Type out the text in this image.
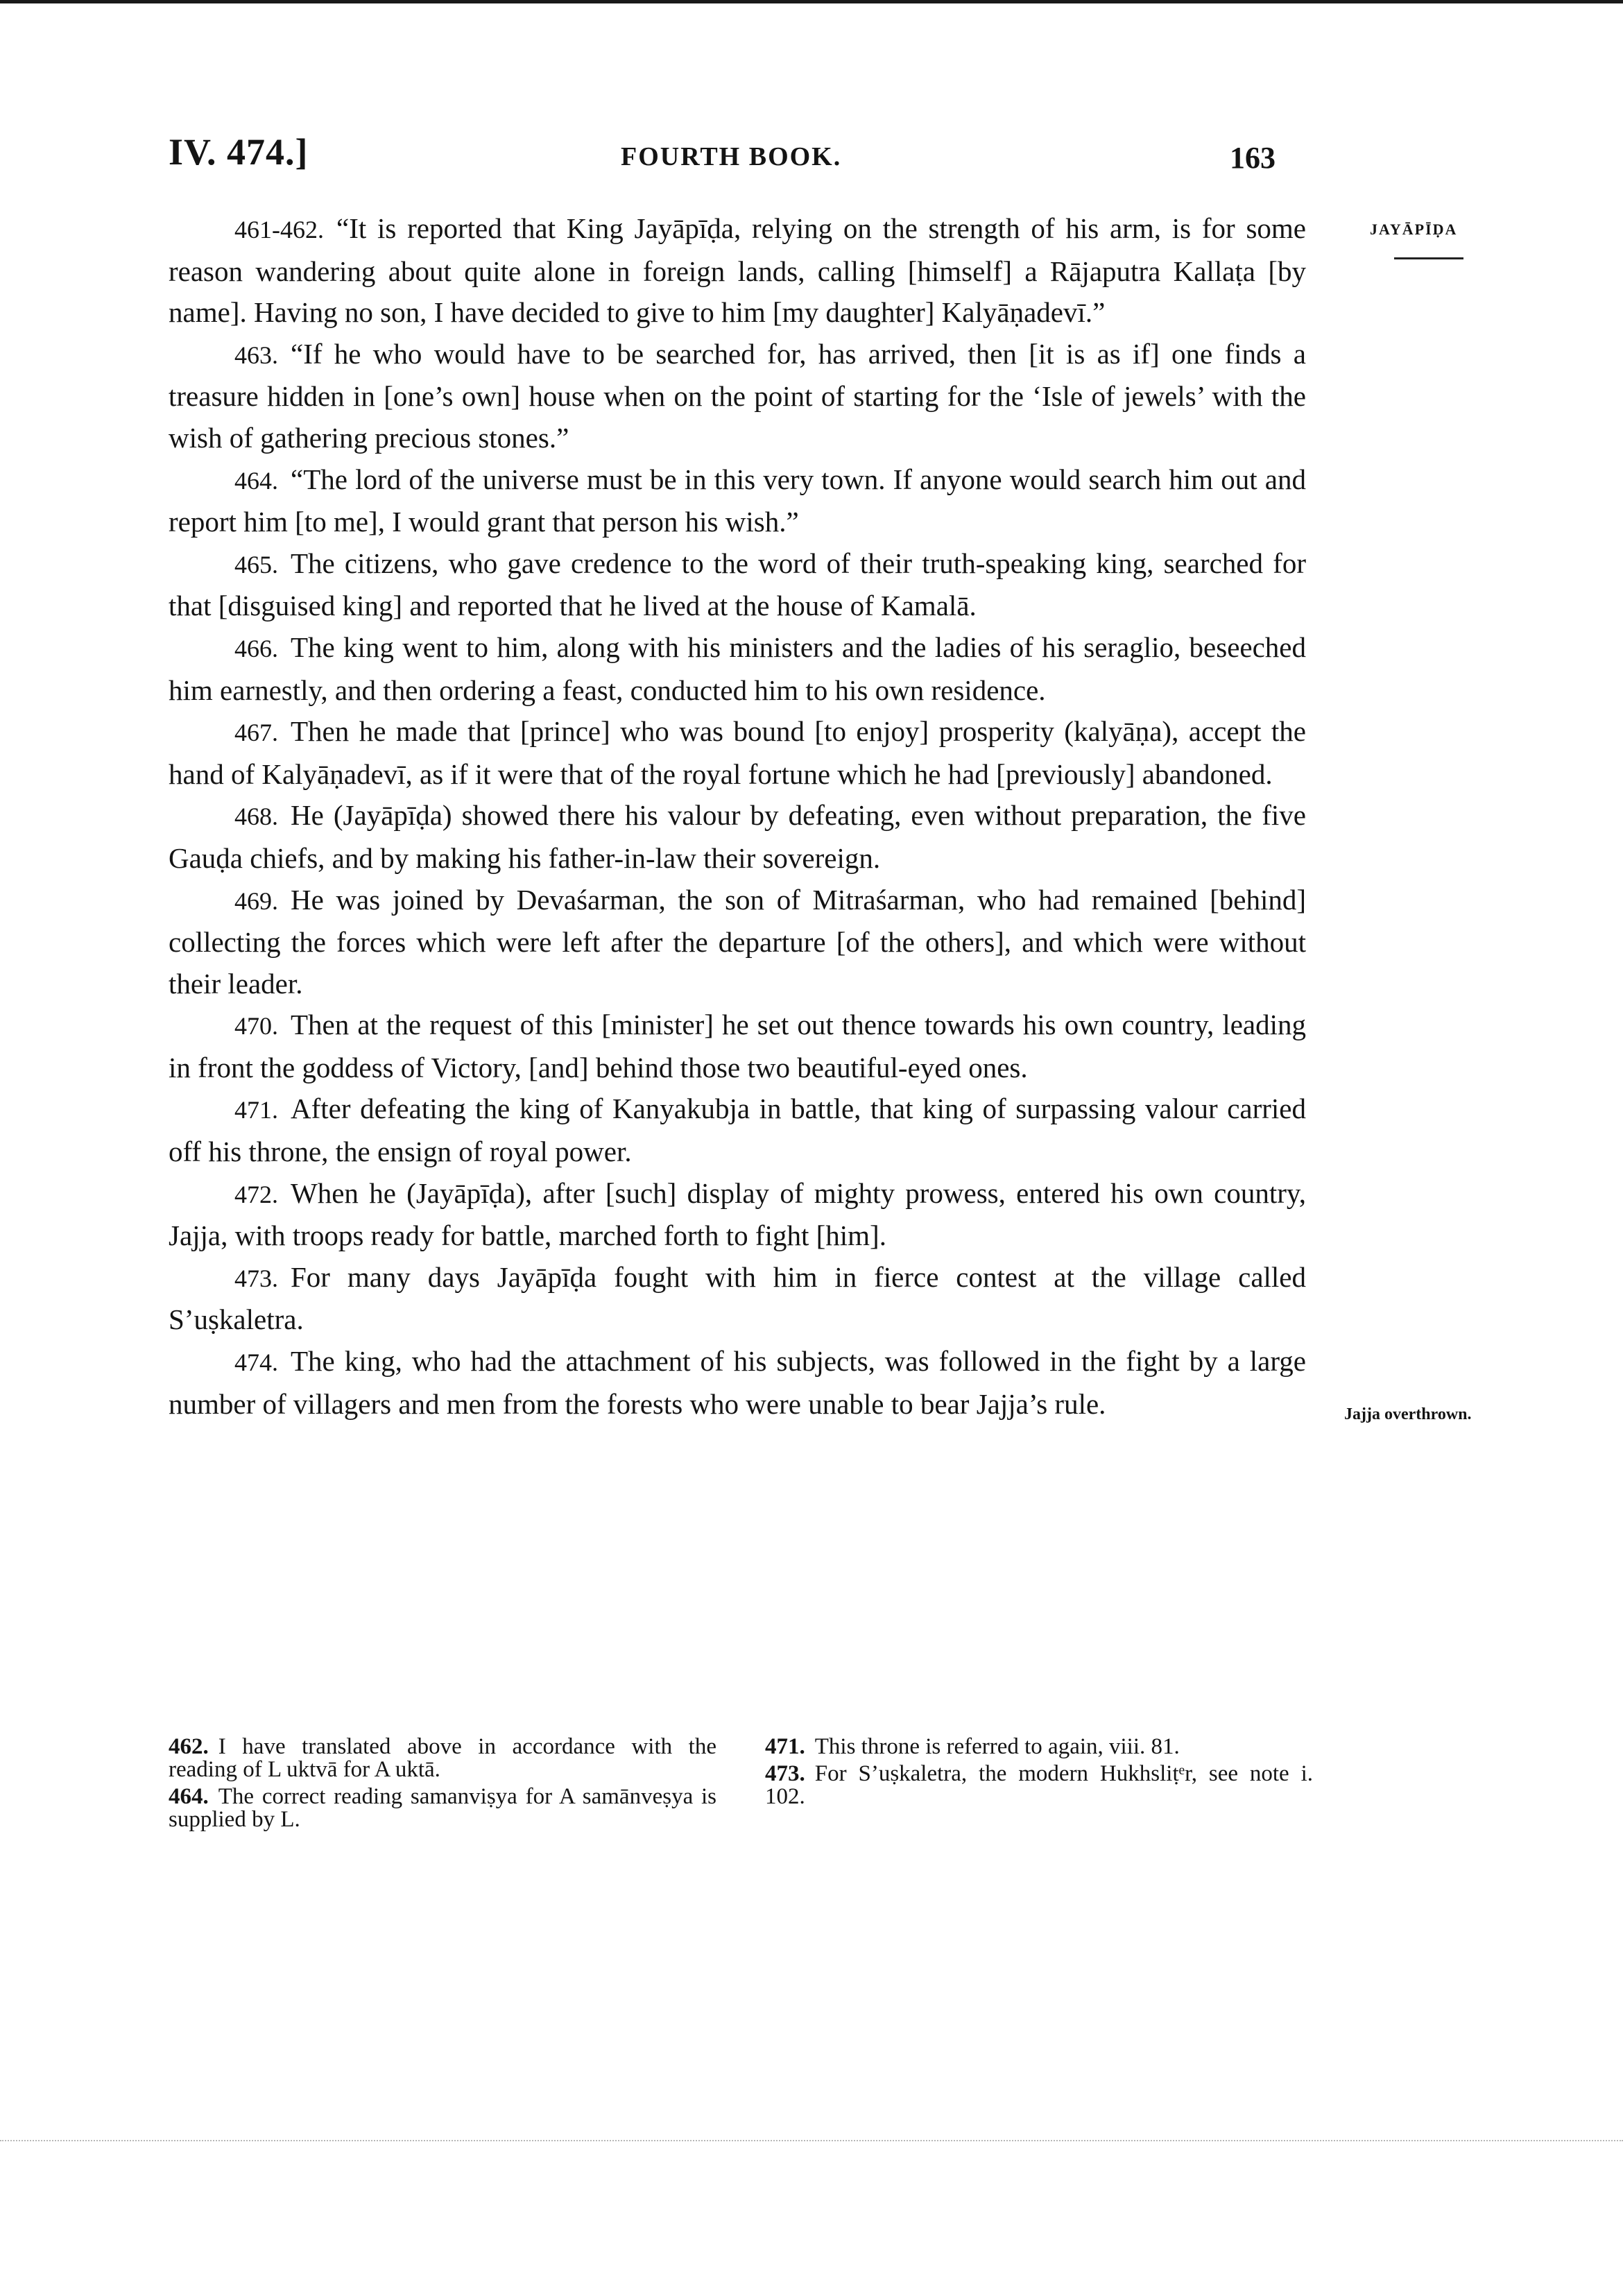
IV. 474.]	FOURTH BOOK.	163
JAYĀPĪḌA
Jajja overthrown.

461-462. “It is reported that King Jayāpīḍa, relying on the strength of his arm, is for some reason wandering about quite alone in foreign lands, calling [himself] a Rājaputra Kallaṭa [by name]. Having no son, I have decided to give to him [my daughter] Kalyāṇadevī.”

463. “If he who would have to be searched for, has arrived, then [it is as if] one finds a treasure hidden in [one’s own] house when on the point of starting for the ‘Isle of jewels’ with the wish of gathering precious stones.”

464. “The lord of the universe must be in this very town. If anyone would search him out and report him [to me], I would grant that person his wish.”

465. The citizens, who gave credence to the word of their truth-speaking king, searched for that [disguised king] and reported that he lived at the house of Kamalā.

466. The king went to him, along with his ministers and the ladies of his seraglio, beseeched him earnestly, and then ordering a feast, conducted him to his own residence.

467. Then he made that [prince] who was bound [to enjoy] prosperity (kalyāṇa), accept the hand of Kalyāṇadevī, as if it were that of the royal fortune which he had [previously] abandoned.

468. He (Jayāpīḍa) showed there his valour by defeating, even without preparation, the five Gauḍa chiefs, and by making his father-in-law their sovereign.

469. He was joined by Devaśarman, the son of Mitraśarman, who had remained [behind] collecting the forces which were left after the departure [of the others], and which were without their leader.

470. Then at the request of this [minister] he set out thence towards his own country, leading in front the goddess of Victory, [and] behind those two beautiful-eyed ones.

471. After defeating the king of Kanyakubja in battle, that king of surpassing valour carried off his throne, the ensign of royal power.

472. When he (Jayāpīḍa), after [such] display of mighty prowess, entered his own country, Jajja, with troops ready for battle, marched forth to fight [him].

473. For many days Jayāpīḍa fought with him in fierce contest at the village called S’uṣkaletra.

474. The king, who had the attachment of his subjects, was followed in the fight by a large number of villagers and men from the forests who were unable to bear Jajja’s rule.

462. I have translated above in accordance with the reading of L uktvā for A uktā.

464. The correct reading samanviṣya for A samānveṣya is supplied by L.

471. This throne is referred to again, viii. 81.

473. For S’uṣkaletra, the modern Hukhsliṭᵉr, see note i. 102.
